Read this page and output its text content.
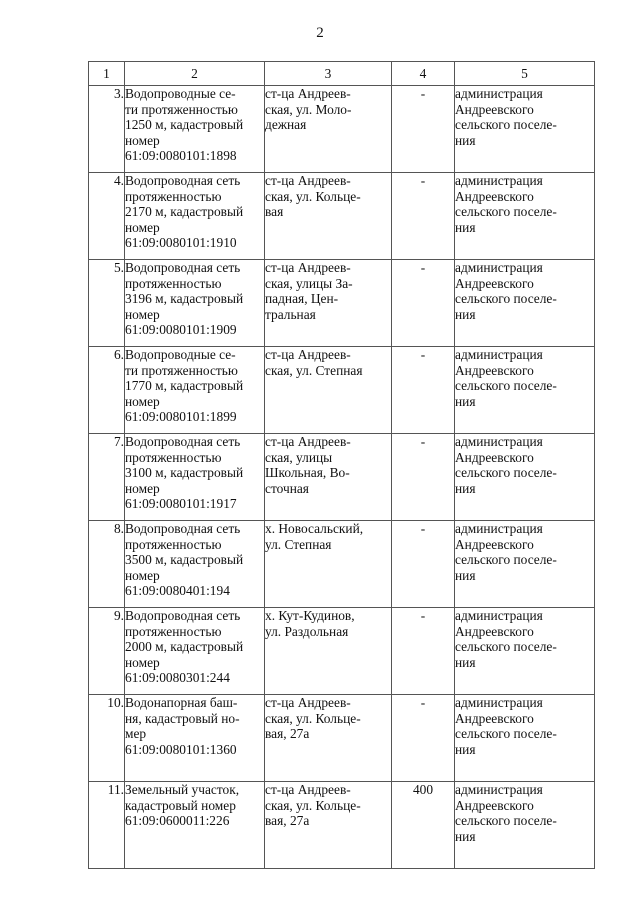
2
1	2	3	4	5
3.	Водопроводные се-
ти протяженностью
1250 м, кадастровый
номер
61:09:0080101:1898	ст-ца Андреев-
ская, ул. Моло-
дежная	-	администрация
Андреевского
сельского поселе-
ния

4.	Водопроводная сеть
протяженностью
2170 м, кадастровый
номер
61:09:0080101:1910	ст-ца Андреев-
ская, ул. Кольце-
вая	-	администрация
Андреевского
сельского поселе-
ния

5.	Водопроводная сеть
протяженностью
3196 м, кадастровый
номер
61:09:0080101:1909	ст-ца Андреев-
ская, улицы За-
падная, Цен-
тральная	-	администрация
Андреевского
сельского поселе-
ния

6.	Водопроводные се-
ти протяженностью
1770 м, кадастровый
номер
61:09:0080101:1899	ст-ца Андреев-
ская, ул. Степная	-	администрация
Андреевского
сельского поселе-
ния

7.	Водопроводная сеть
протяженностью
3100 м, кадастровый
номер
61:09:0080101:1917	ст-ца Андреев-
ская, улицы
Школьная, Во-
сточная	-	администрация
Андреевского
сельского поселе-
ния

8.	Водопроводная сеть
протяженностью
3500 м, кадастровый
номер
61:09:0080401:194	х. Новосальский,
ул. Степная	-	администрация
Андреевского
сельского поселе-
ния

9.	Водопроводная сеть
протяженностью
2000 м, кадастровый
номер
61:09:0080301:244	х. Кут-Кудинов,
ул. Раздольная	-	администрация
Андреевского
сельского поселе-
ния

10.	Водонапорная баш-
ня, кадастровый но-
мер
61:09:0080101:1360	ст-ца Андреев-
ская, ул. Кольце-
вая, 27а	-	администрация
Андреевского
сельского поселе-
ния

11.	Земельный участок,
кадастровый номер
61:09:0600011:226	ст-ца Андреев-
ская, ул. Кольце-
вая, 27а	400	администрация
Андреевского
сельского поселе-
ния
